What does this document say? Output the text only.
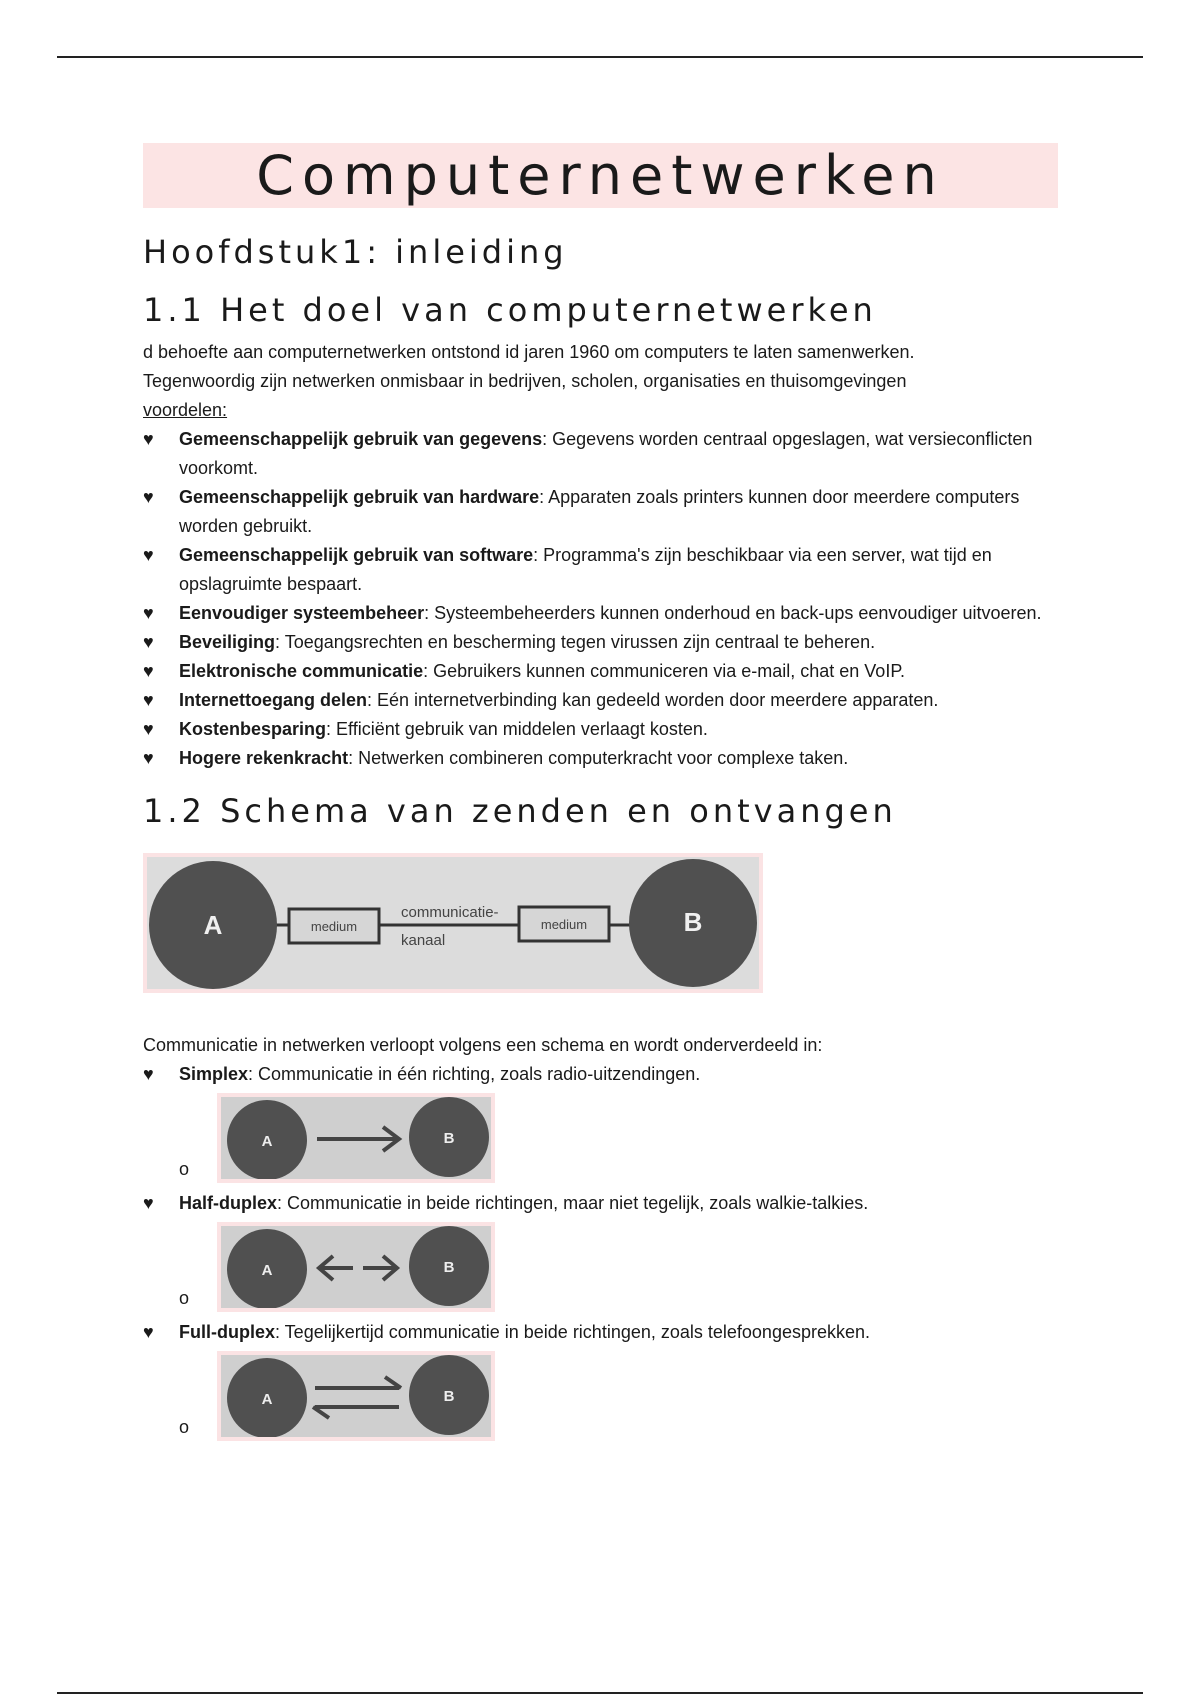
Computernetwerken
Hoofdstuk1: inleiding
1.1 Het doel van computernetwerken

d behoefte aan computernetwerken ontstond id jaren 1960 om computers te laten samenwerken.

Tegenwoordig zijn netwerken onmisbaar in bedrijven, scholen, organisaties en thuisomgevingen

voordelen:

♥ Gemeenschappelijk gebruik van gegevens: Gegevens worden centraal opgeslagen, wat versieconflicten voorkomt.
♥ Gemeenschappelijk gebruik van hardware: Apparaten zoals printers kunnen door meerdere computers worden gebruikt.
♥ Gemeenschappelijk gebruik van software: Programma's zijn beschikbaar via een server, wat tijd en opslagruimte bespaart.
♥ Eenvoudiger systeembeheer: Systeembeheerders kunnen onderhoud en back-ups eenvoudiger uitvoeren.
♥ Beveiliging: Toegangsrechten en bescherming tegen virussen zijn centraal te beheren.
♥ Elektronische communicatie: Gebruikers kunnen communiceren via e-mail, chat en VoIP.
♥ Internettoegang delen: Eén internetverbinding kan gedeeld worden door meerdere apparaten.
♥ Kostenbesparing: Efficiënt gebruik van middelen verlaagt kosten.
♥ Hogere rekenkracht: Netwerken combineren computerkracht voor complexe taken.
1.2 Schema van zenden en ontvangen
A	B
medium	medium
communicatie-
kanaal

Communicatie in netwerken verloopt volgens een schema en wordt onderverdeeld in:

♥ Simplex: Communicatie in één richting, zoals radio-uitzendingen.
o
A	B
♥ Half-duplex: Communicatie in beide richtingen, maar niet tegelijk, zoals walkie-talkies.
o
A	B
♥ Full-duplex: Tegelijkertijd communicatie in beide richtingen, zoals telefoongesprekken.
o
A	B
